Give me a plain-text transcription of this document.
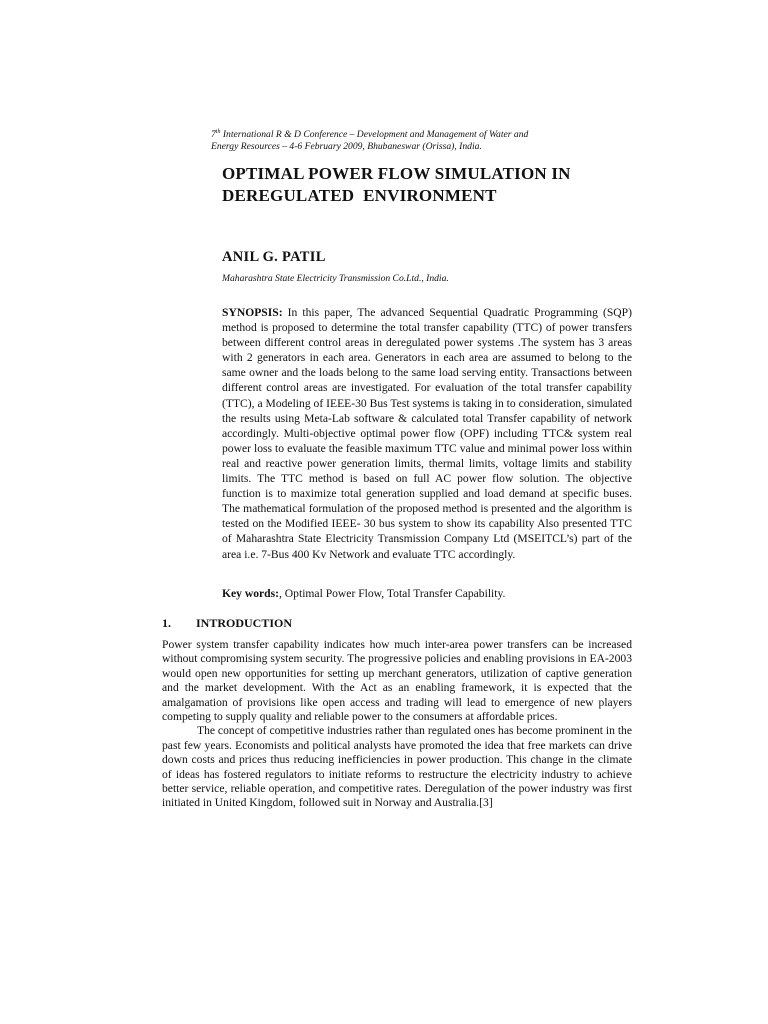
7th International R & D Conference – Development and Management of Water and
Energy Resources – 4-6 February 2009, Bhubaneswar (Orissa), India.
OPTIMAL POWER FLOW SIMULATION IN
DEREGULATED  ENVIRONMENT
ANIL G. PATIL
Maharashtra State Electricity Transmission Co.Ltd., India.
SYNOPSIS: In this paper, The advanced Sequential Quadratic Programming (SQP) method is proposed to determine the total transfer capability (TTC) of power transfers between different control areas in deregulated power systems .The system has 3 areas with 2 generators in each area. Generators in each area are assumed to belong to the same owner and the loads belong to the same load serving entity. Transactions between different control areas are investigated. For evaluation of the total transfer capability (TTC), a Modeling of IEEE-30 Bus Test systems is taking in to consideration, simulated the results using Meta-Lab software & calculated total Transfer capability of network accordingly. Multi-objective optimal power flow (OPF) including TTC& system real power loss to evaluate the feasible maximum TTC value and minimal power loss within real and reactive power generation limits, thermal limits, voltage limits and stability limits. The TTC method is based on full AC power flow solution. The objective function is to maximize total generation supplied and load demand at specific buses. The mathematical formulation of the proposed method is presented and the algorithm is tested on the Modified IEEE- 30 bus system to show its capability Also presented TTC of Maharashtra State Electricity Transmission Company Ltd (MSEITCL’s) part of the area i.e. 7-Bus 400 Kv Network and evaluate TTC accordingly.
Key words:, Optimal Power Flow, Total Transfer Capability.
1. INTRODUCTION

Power system transfer capability indicates how much inter-area power transfers can be increased without compromising system security. The progressive policies and enabling provisions in EA-2003 would open new opportunities for setting up merchant generators, utilization of captive generation and the market development. With the Act as an enabling framework, it is expected that the amalgamation of provisions like open access and trading will lead to emergence of new players competing to supply quality and reliable power to the consumers at affordable prices.

The concept of competitive industries rather than regulated ones has become prominent in the past few years. Economists and political analysts have promoted the idea that free markets can drive down costs and prices thus reducing inefficiencies in power production. This change in the climate of ideas has fostered regulators to initiate reforms to restructure the electricity industry to achieve better service, reliable operation, and competitive rates. Deregulation of the power industry was first initiated in United Kingdom, followed suit in Norway and Australia.[3]
